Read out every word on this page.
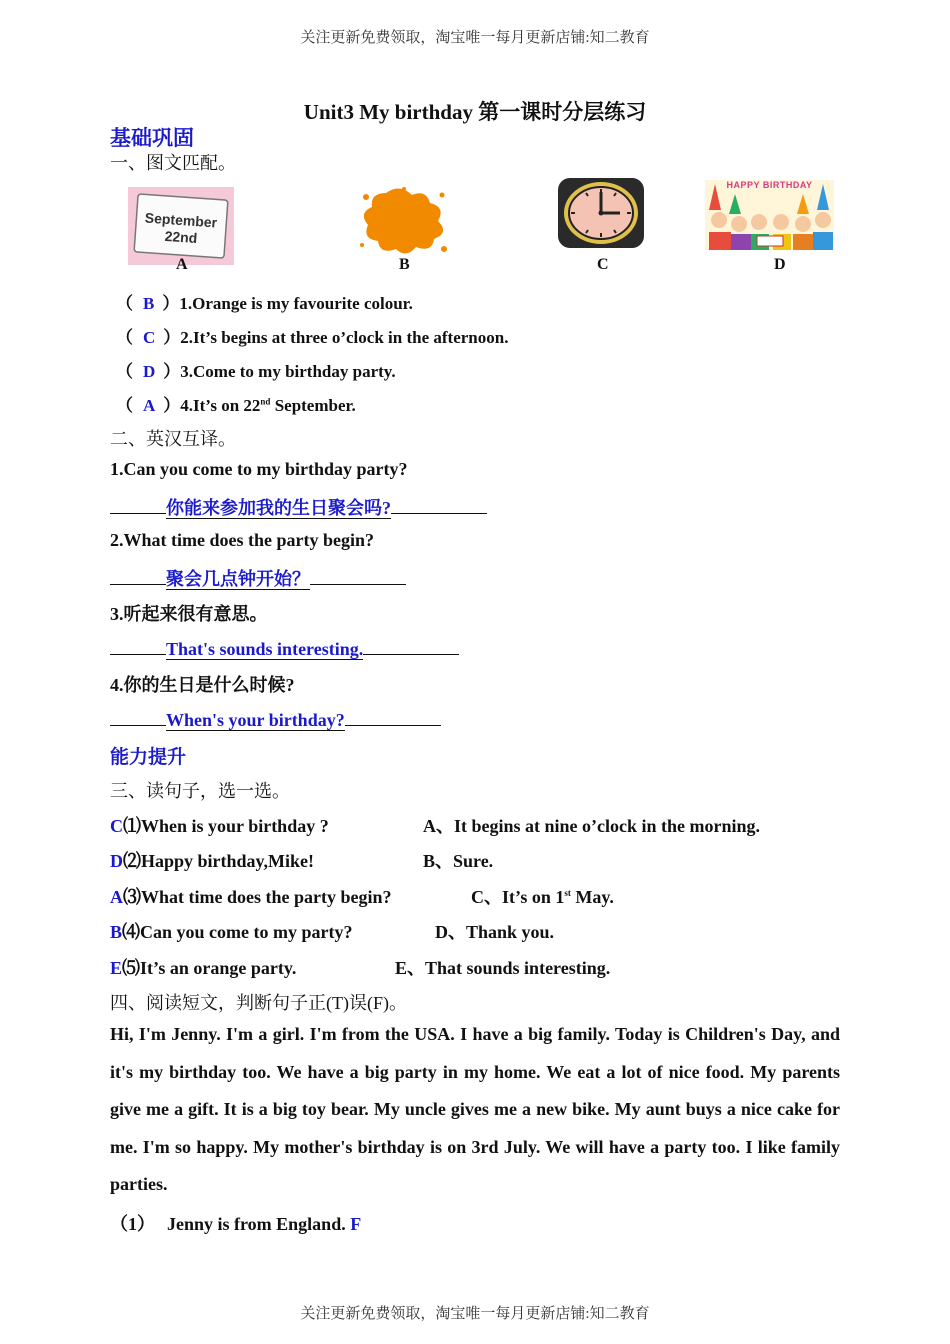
关注更新免费领取，淘宝唯一每月更新店铺:知二教育
关注更新免费领取，淘宝唯一每月更新店铺:知二教育
Unit3 My birthday 第一课时分层练习
基础巩固
一、图文匹配。
September
22nd
HAPPY BIRTHDAY
A	B	C	D
（ B ）1.Orange is my favourite colour.
（ C ）2.It’s begins at three o’clock in the afternoon.
（ D ）3.Come to my birthday party.
（ A ）4.It’s on 22nd September.
二、英汉互译。
1.Can you come to my birthday party?
你能来参加我的生日聚会吗?
2.What time does the party begin?
聚会几点钟开始？
3.听起来很有意思。
That's sounds interesting.
4.你的生日是什么时候?
When's your birthday?
能力提升
三、读句子，选一选。
C⑴When is your birthday ?	A、It begins at nine o’clock in the morning.
D⑵Happy birthday,Mike!	B、Sure.
A⑶What time does the party begin?	C、It’s on 1st May.
B⑷Can you come to my party?	D、Thank you.
E⑸It’s an orange party.	E、That sounds interesting.
四、阅读短文，判断句子正(T)误(F)。
Hi, I'm Jenny. I'm a girl. I'm from the USA. I have a big family. Today is Children's Day, and it's my birthday too. We have a big party in my home. We eat a lot of nice food. My parents give me a gift. It is a big toy bear. My uncle gives me a new bike. My aunt buys a nice cake for me. I'm so happy. My mother's birthday is on 3rd July. We will have a party too. I like family parties.
（1） Jenny is from England. F
